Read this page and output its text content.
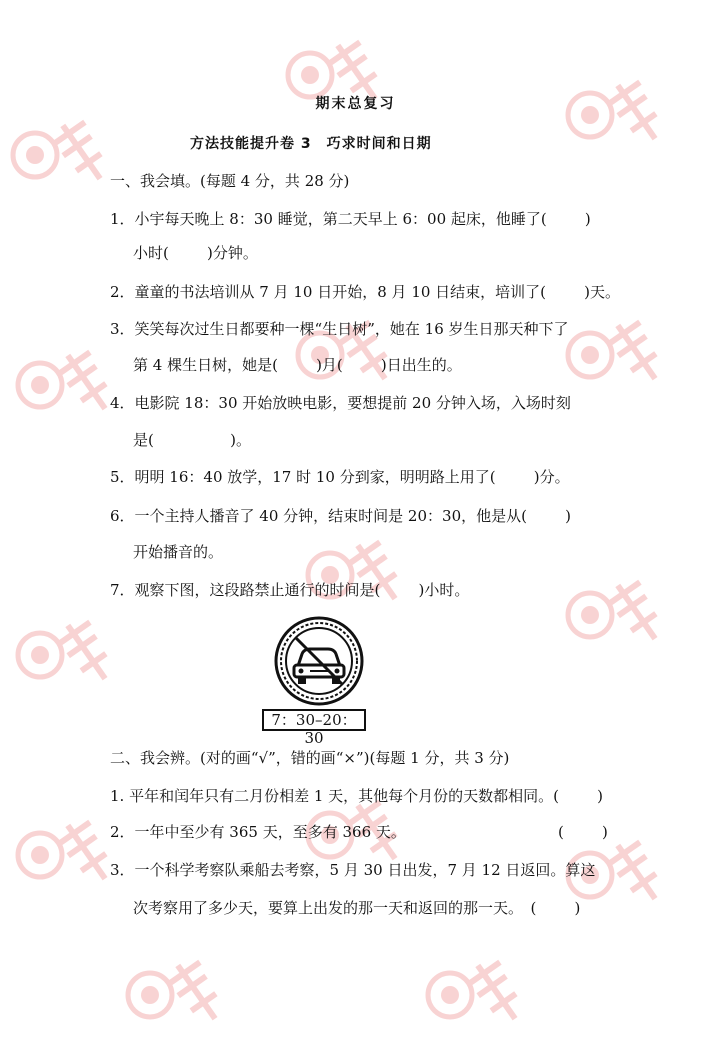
期末总复习
方法技能提升卷 3　巧求时间和日期
一、我会填。(每题 4 分，共 28 分)
1．小宇每天晚上 8：30 睡觉，第二天早上 6：00 起床，他睡了(        )
小时(        )分钟。
2．童童的书法培训从 7 月 10 日开始，8 月 10 日结束，培训了(        )天。
3．笑笑每次过生日都要种一棵“生日树”，她在 16 岁生日那天种下了
第 4 棵生日树，她是(        )月(        )日出生的。
4．电影院 18：30 开始放映电影，要想提前 20 分钟入场，入场时刻
是(                )。
5．明明 16：40 放学，17 时 10 分到家，明明路上用了(        )分。
6．一个主持人播音了 40 分钟，结束时间是 20：30，他是从(        )
开始播音的。
7．观察下图，这段路禁止通行的时间是(        )小时。
7：30–20：30
二、我会辨。(对的画“√”，错的画“×”)(每题 1 分，共 3 分)
1. 平年和闰年只有二月份相差 1 天，其他每个月份的天数都相同。(        )
2．一年中至少有 365 天，至多有 366 天。	(        )
3．一个科学考察队乘船去考察，5 月 30 日出发，7 月 12 日返回。算这
次考察用了多少天，要算上出发的那一天和返回的那一天。　(        )
